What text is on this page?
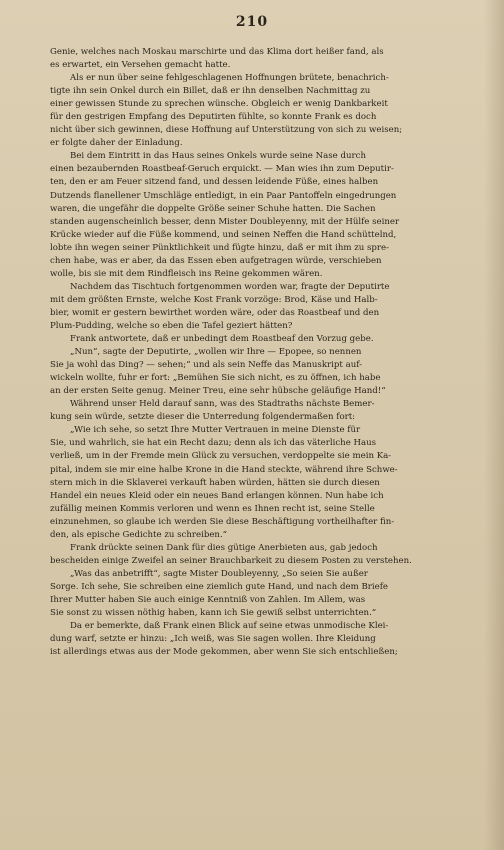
210
Genie, welches nach Moskau marschirte und das Klima dort heißer fand, als
es erwartet, ein Versehen gemacht hatte.
Als er nun über seine fehlgeschlagenen Hoffnungen brütete, benachrich-
tigte ihn sein Onkel durch ein Billet, daß er ihn denselben Nachmittag zu
einer gewissen Stunde zu sprechen wünsche. Obgleich er wenig Dankbarkeit
für den gestrigen Empfang des Deputirten fühlte, so konnte Frank es doch
nicht über sich gewinnen, diese Hoffnung auf Unterstützung von sich zu weisen;
er folgte daher der Einladung.
Bei dem Eintritt in das Haus seines Onkels wurde seine Nase durch
einen bezaubernden Roastbeaf-Geruch erquickt. — Man wies ihn zum Deputir-
ten, den er am Feuer sitzend fand, und dessen leidende Füße, eines halben
Dutzends flanellener Umschläge entledigt, in ein Paar Pantoffeln eingedrungen
waren, die ungefähr die doppelte Größe seiner Schuhe hatten. Die Sachen
standen augenscheinlich besser, denn Mister Doubleyenny, mit der Hülfe seiner
Krücke wieder auf die Füße kommend, und seinen Neffen die Hand schüttelnd,
lobte ihn wegen seiner Pünktlichkeit und fügte hinzu, daß er mit ihm zu spre-
chen habe, was er aber, da das Essen eben aufgetragen würde, verschieben
wolle, bis sie mit dem Rindfleisch ins Reine gekommen wären.
Nachdem das Tischtuch fortgenommen worden war, fragte der Deputirte
mit dem größten Ernste, welche Kost Frank vorzöge: Brod, Käse und Halb-
bier, womit er gestern bewirthet worden wäre, oder das Roastbeaf und den
Plum-Pudding, welche so eben die Tafel geziert hätten?
Frank antwortete, daß er unbedingt dem Roastbeaf den Vorzug gebe.
„Nun“, sagte der Deputirte, „wollen wir Ihre — Epopee, so nennen
Sie ja wohl das Ding? — sehen;“ und als sein Neffe das Manuskript auf-
wickeln wollte, fuhr er fort: „Bemühen Sie sich nicht, es zu öffnen, ich habe
an der ersten Seite genug. Meiner Treu, eine sehr hübsche geläufige Hand!“
Während unser Held darauf sann, was des Stadtraths nächste Bemer-
kung sein würde, setzte dieser die Unterredung folgendermaßen fort:
„Wie ich sehe, so setzt Ihre Mutter Vertrauen in meine Dienste für
Sie, und wahrlich, sie hat ein Recht dazu; denn als ich das väterliche Haus
verließ, um in der Fremde mein Glück zu versuchen, verdoppelte sie mein Ka-
pital, indem sie mir eine halbe Krone in die Hand steckte, während ihre Schwe-
stern mich in die Sklaverei verkauft haben würden, hätten sie durch diesen
Handel ein neues Kleid oder ein neues Band erlangen können. Nun habe ich
zufällig meinen Kommis verloren und wenn es Ihnen recht ist, seine Stelle
einzunehmen, so glaube ich werden Sie diese Beschäftigung vortheilhafter fin-
den, als epische Gedichte zu schreiben.“
Frank drückte seinen Dank für dies gütige Anerbieten aus, gab jedoch
bescheiden einige Zweifel an seiner Brauchbarkeit zu diesem Posten zu verstehen.
„Was das anbetrifft“, sagte Mister Doubleyenny, „So seien Sie außer
Sorge. Ich sehe, Sie schreiben eine ziemlich gute Hand, und nach dem Briefe
Ihrer Mutter haben Sie auch einige Kenntniß von Zahlen. Im Allem, was
Sie sonst zu wissen nöthig haben, kann ich Sie gewiß selbst unterrichten.“
Da er bemerkte, daß Frank einen Blick auf seine etwas unmodische Klei-
dung warf, setzte er hinzu: „Ich weiß, was Sie sagen wollen. Ihre Kleidung
ist allerdings etwas aus der Mode gekommen, aber wenn Sie sich entschließen;
